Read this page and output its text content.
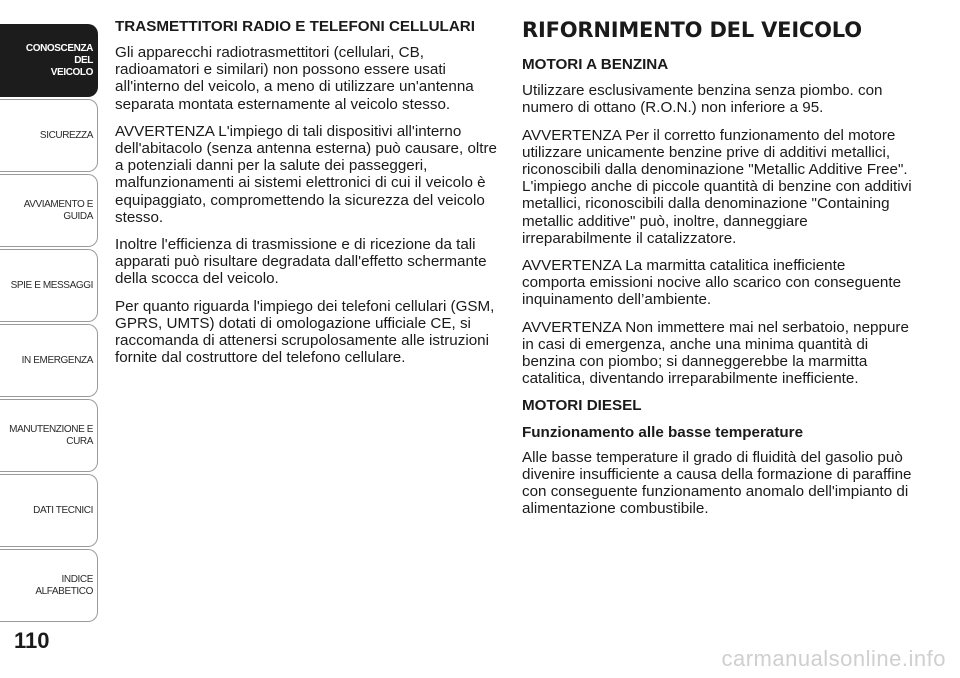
CONOSCENZA DEL
VEICOLO
SICUREZZA
AVVIAMENTO E
GUIDA
SPIE E MESSAGGI
IN EMERGENZA
MANUTENZIONE E
CURA
DATI TECNICI
INDICE ALFABETICO
110
TRASMETTITORI RADIO E TELEFONI CELLULARI

Gli apparecchi radiotrasmettitori (cellulari, CB, radioamatori e similari) non possono essere usati all'interno del veicolo, a meno di utilizzare un'antenna separata montata esternamente al veicolo stesso.

AVVERTENZA L'impiego di tali dispositivi all'interno dell'abitacolo (senza antenna esterna) può causare, oltre a potenziali danni per la salute dei passeggeri, malfunzionamenti ai sistemi elettronici di cui il veicolo è equipaggiato, compromettendo la sicurezza del veicolo stesso.

Inoltre l'efficienza di trasmissione e di ricezione da tali apparati può risultare degradata dall'effetto schermante della scocca del veicolo.

Per quanto riguarda l'impiego dei telefoni cellulari (GSM, GPRS, UMTS) dotati di omologazione ufficiale CE, si raccomanda di attenersi scrupolosamente alle istruzioni fornite dal costruttore del telefono cellulare.

RIFORNIMENTO DEL VEICOLO
MOTORI A BENZINA

Utilizzare esclusivamente benzina senza piombo. con numero di ottano (R.O.N.) non inferiore a 95.

AVVERTENZA Per il corretto funzionamento del motore utilizzare unicamente benzine prive di additivi metallici, riconoscibili dalla denominazione "Metallic Additive Free". L'impiego anche di piccole quantità di benzine con additivi metallici, riconoscibili dalla denominazione "Containing metallic additive" può, inoltre, danneggiare irreparabilmente il catalizzatore.

AVVERTENZA La marmitta catalitica inefficiente comporta emissioni nocive allo scarico con conseguente inquinamento dell’ambiente.

AVVERTENZA Non immettere mai nel serbatoio, neppure in casi di emergenza, anche una minima quantità di benzina con piombo; si danneggerebbe la marmitta catalitica, diventando irreparabilmente inefficiente.

MOTORI DIESEL
Funzionamento alle basse temperature

Alle basse temperature il grado di fluidità del gasolio può divenire insufficiente a causa della formazione di paraffine con conseguente funzionamento anomalo dell'impianto di alimentazione combustibile.

carmanualsonline.info
